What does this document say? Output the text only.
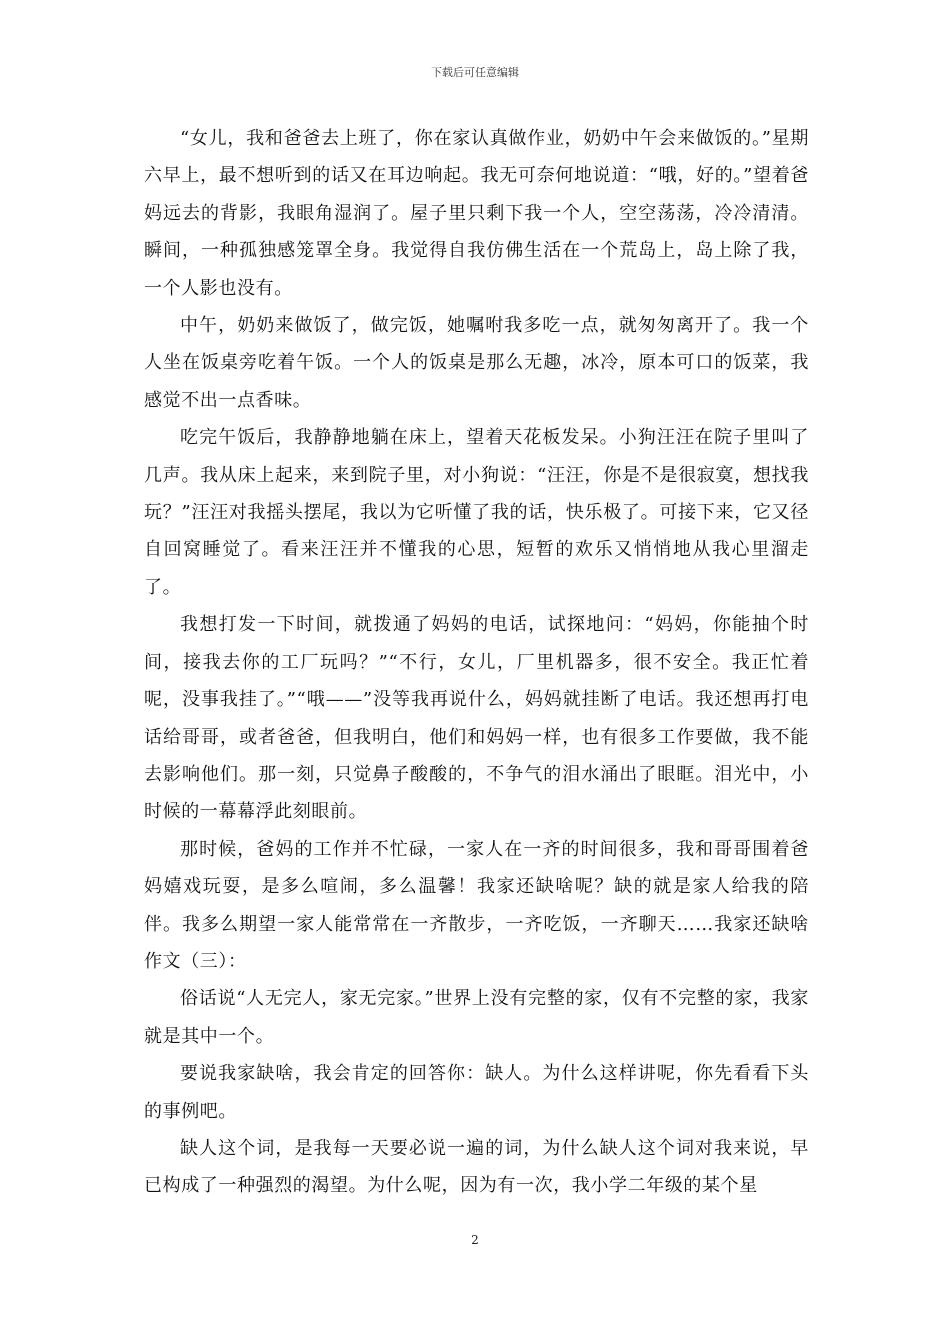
下载后可任意编辑

“女儿，我和爸爸去上班了，你在家认真做作业，奶奶中午会来做饭的。”星期六早上，最不想听到的话又在耳边响起。我无可奈何地说道：“哦，好的。”望着爸妈远去的背影，我眼角湿润了。屋子里只剩下我一个人，空空荡荡，冷冷清清。瞬间，一种孤独感笼罩全身。我觉得自我仿佛生活在一个荒岛上，岛上除了我，一个人影也没有。

中午，奶奶来做饭了，做完饭，她嘱咐我多吃一点，就匆匆离开了。我一个人坐在饭桌旁吃着午饭。一个人的饭桌是那么无趣，冰冷，原本可口的饭菜，我感觉不出一点香味。

吃完午饭后，我静静地躺在床上，望着天花板发呆。小狗汪汪在院子里叫了几声。我从床上起来，来到院子里，对小狗说：“汪汪，你是不是很寂寞，想找我玩？”汪汪对我摇头摆尾，我以为它听懂了我的话，快乐极了。可接下来，它又径自回窝睡觉了。看来汪汪并不懂我的心思，短暂的欢乐又悄悄地从我心里溜走了。

我想打发一下时间，就拨通了妈妈的电话，试探地问：“妈妈，你能抽个时间，接我去你的工厂玩吗？”“不行，女儿，厂里机器多，很不安全。我正忙着呢，没事我挂了。”“哦——”没等我再说什么，妈妈就挂断了电话。我还想再打电话给哥哥，或者爸爸，但我明白，他们和妈妈一样，也有很多工作要做，我不能去影响他们。那一刻，只觉鼻子酸酸的，不争气的泪水涌出了眼眶。泪光中，小时候的一幕幕浮此刻眼前。

那时候，爸妈的工作并不忙碌，一家人在一齐的时间很多，我和哥哥围着爸妈嬉戏玩耍，是多么喧闹，多么温馨！我家还缺啥呢？缺的就是家人给我的陪伴。我多么期望一家人能常常在一齐散步，一齐吃饭，一齐聊天……我家还缺啥作文（三）：

俗话说“人无完人，家无完家。”世界上没有完整的家，仅有不完整的家，我家就是其中一个。

要说我家缺啥，我会肯定的回答你：缺人。为什么这样讲呢，你先看看下头的事例吧。

缺人这个词，是我每一天要必说一遍的词，为什么缺人这个词对我来说，早已构成了一种强烈的渴望。为什么呢，因为有一次，我小学二年级的某个星

2
